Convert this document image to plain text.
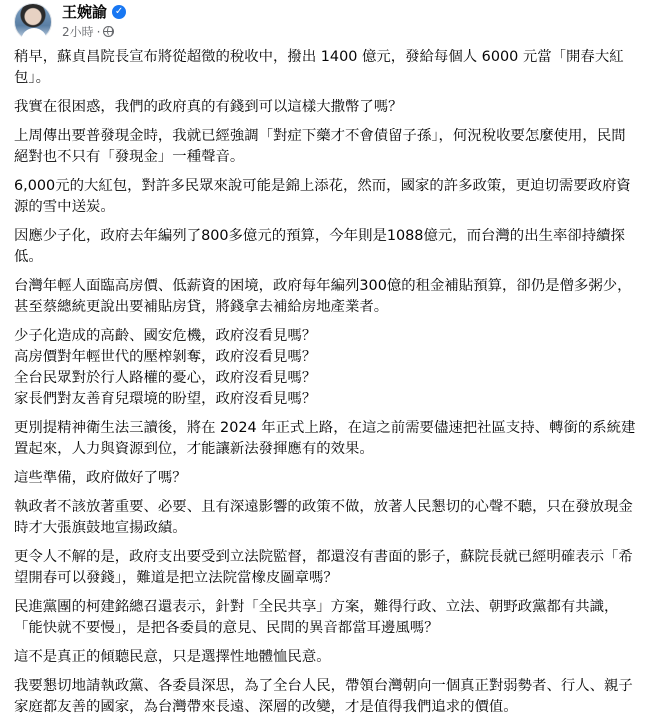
王婉諭 ✓
2小時 ·
稍早，蘇貞昌院長宣布將從超徵的稅收中，撥出 1400 億元，發給每個人 6000 元當「開春大紅
包」。
我實在很困惑，我們的政府真的有錢到可以這樣大撒幣了嗎？
上周傳出要普發現金時，我就已經強調「對症下藥才不會債留子孫」，何況稅收要怎麼使用，民間
絕對也不只有「發現金」一種聲音。
6,000元的大紅包，對許多民眾來說可能是錦上添花，然而，國家的許多政策，更迫切需要政府資
源的雪中送炭。
因應少子化，政府去年編列了800多億元的預算，今年則是1088億元，而台灣的出生率卻持續探
低。
台灣年輕人面臨高房價、低薪資的困境，政府每年編列300億的租金補貼預算，卻仍是僧多粥少，
甚至蔡總統更說出要補貼房貸，將錢拿去補給房地產業者。
少子化造成的高齡、國安危機，政府沒看見嗎？
高房價對年輕世代的壓榨剝奪，政府沒看見嗎？
全台民眾對於行人路權的憂心，政府沒看見嗎？
家長們對友善育兒環境的盼望，政府沒看見嗎？
更別提精神衛生法三讀後，將在 2024 年正式上路，在這之前需要儘速把社區支持、轉銜的系統建
置起來，人力與資源到位，才能讓新法發揮應有的效果。
這些準備，政府做好了嗎？
執政者不該放著重要、必要、且有深遠影響的政策不做，放著人民懇切的心聲不聽，只在發放現金
時才大張旗鼓地宣揚政績。
更令人不解的是，政府支出要受到立法院監督，都還沒有書面的影子，蘇院長就已經明確表示「希
望開春可以發錢」，難道是把立法院當橡皮圖章嗎？
民進黨團的柯建銘總召還表示，針對「全民共享」方案，難得行政、立法、朝野政黨都有共識，
「能快就不要慢」，是把各委員的意見、民間的異音都當耳邊風嗎？
這不是真正的傾聽民意，只是選擇性地體恤民意。
我要懇切地請執政黨、各委員深思，為了全台人民，帶領台灣朝向一個真正對弱勢者、行人、親子
家庭都友善的國家，為台灣帶來長遠、深層的改變，才是值得我們追求的價值。
